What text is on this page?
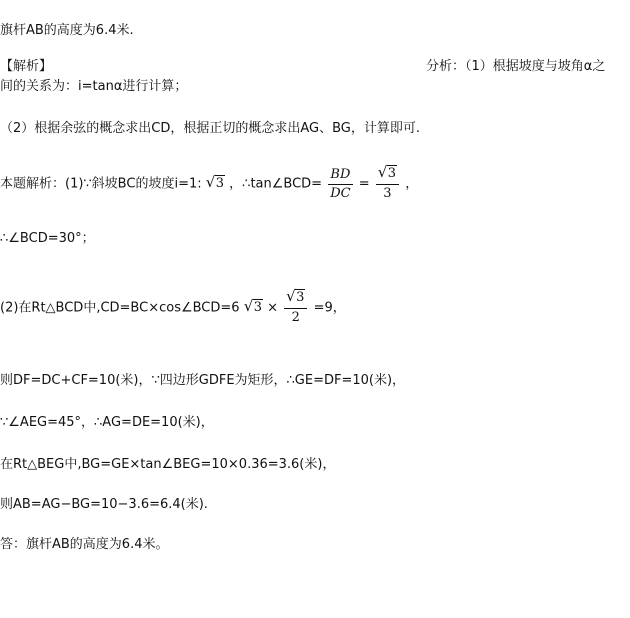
旗杆AB的高度为6.4米.
【解析】	分析：（1）根据坡度与坡角α之
间的关系为：i=tanα进行计算；
（2）根据余弦的概念求出CD，根据正切的概念求出AG、BG，计算即可.
本题解析：(1)∵斜坡BC的坡度i=1: √ 3 ，∴tan∠BCD= $\frac{BD}{DC} = \frac{√ 3}{3}$ ，
∴∠BCD=30°；
(2)在Rt△BCD中,CD=BC×cos∠BCD=6 √ $3 \times \frac{√ 3}{2} =9$，
则DF=DC+CF=10(米)，∵四边形GDFE为矩形，∴GE=DF=10(米)，
∵∠AEG=45°，∴AG=DE=10(米)，
在Rt△BEG中,BG=GE×tan∠BEG=10×0.36=3.6(米)，
则AB=AG−BG=10−3.6=6.4(米).
答：旗杆AB的高度为6.4米。
